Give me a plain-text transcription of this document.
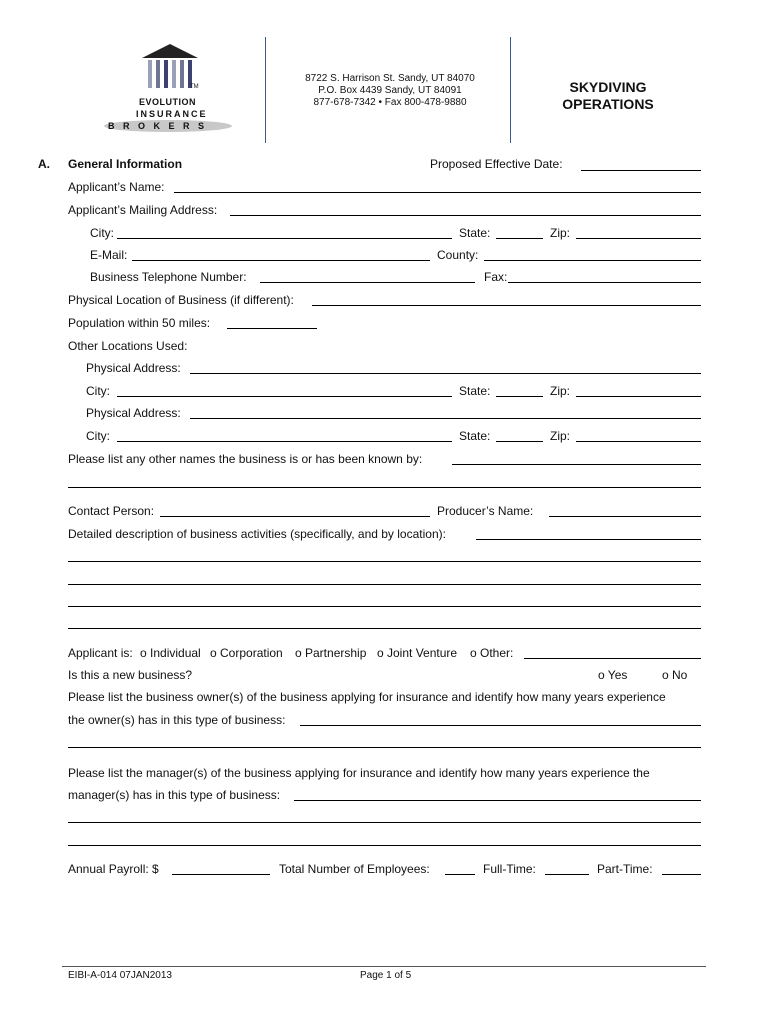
TM
EVOLUTION
INSURANCE
B R O K E R S
8722 S. Harrison St. Sandy, UT 84070
P.O. Box 4439 Sandy, UT 84091
877-678-7342 • Fax 800-478-9880
SKYDIVING
OPERATIONS
A. General Information	Proposed Effective Date:
Applicant’s Name:
Applicant’s Mailing Address:
City:	State:	Zip:
E-Mail:	County:
Business Telephone Number:	Fax:
Physical Location of Business (if different):
Population within 50 miles:
Other Locations Used:
Physical Address:
City:	State:	Zip:
Physical Address:
City:	State:	Zip:
Please list any other names the business is or has been known by:
Contact Person:	Producer’s Name:
Detailed description of business activities (specifically, and by location):
Applicant is: o Individual o Corporation o Partnership o Joint Venture o Other:
Is this a new business?	o Yes	o No
Please list the business owner(s) of the business applying for insurance and identify how many years experience
the owner(s) has in this type of business:
Please list the manager(s) of the business applying for insurance and identify how many years experience the
manager(s) has in this type of business:
Annual Payroll: $	Total Number of Employees:	Full-Time:	Part-Time:
EIBI-A-014 07JAN2013	Page 1 of 5
